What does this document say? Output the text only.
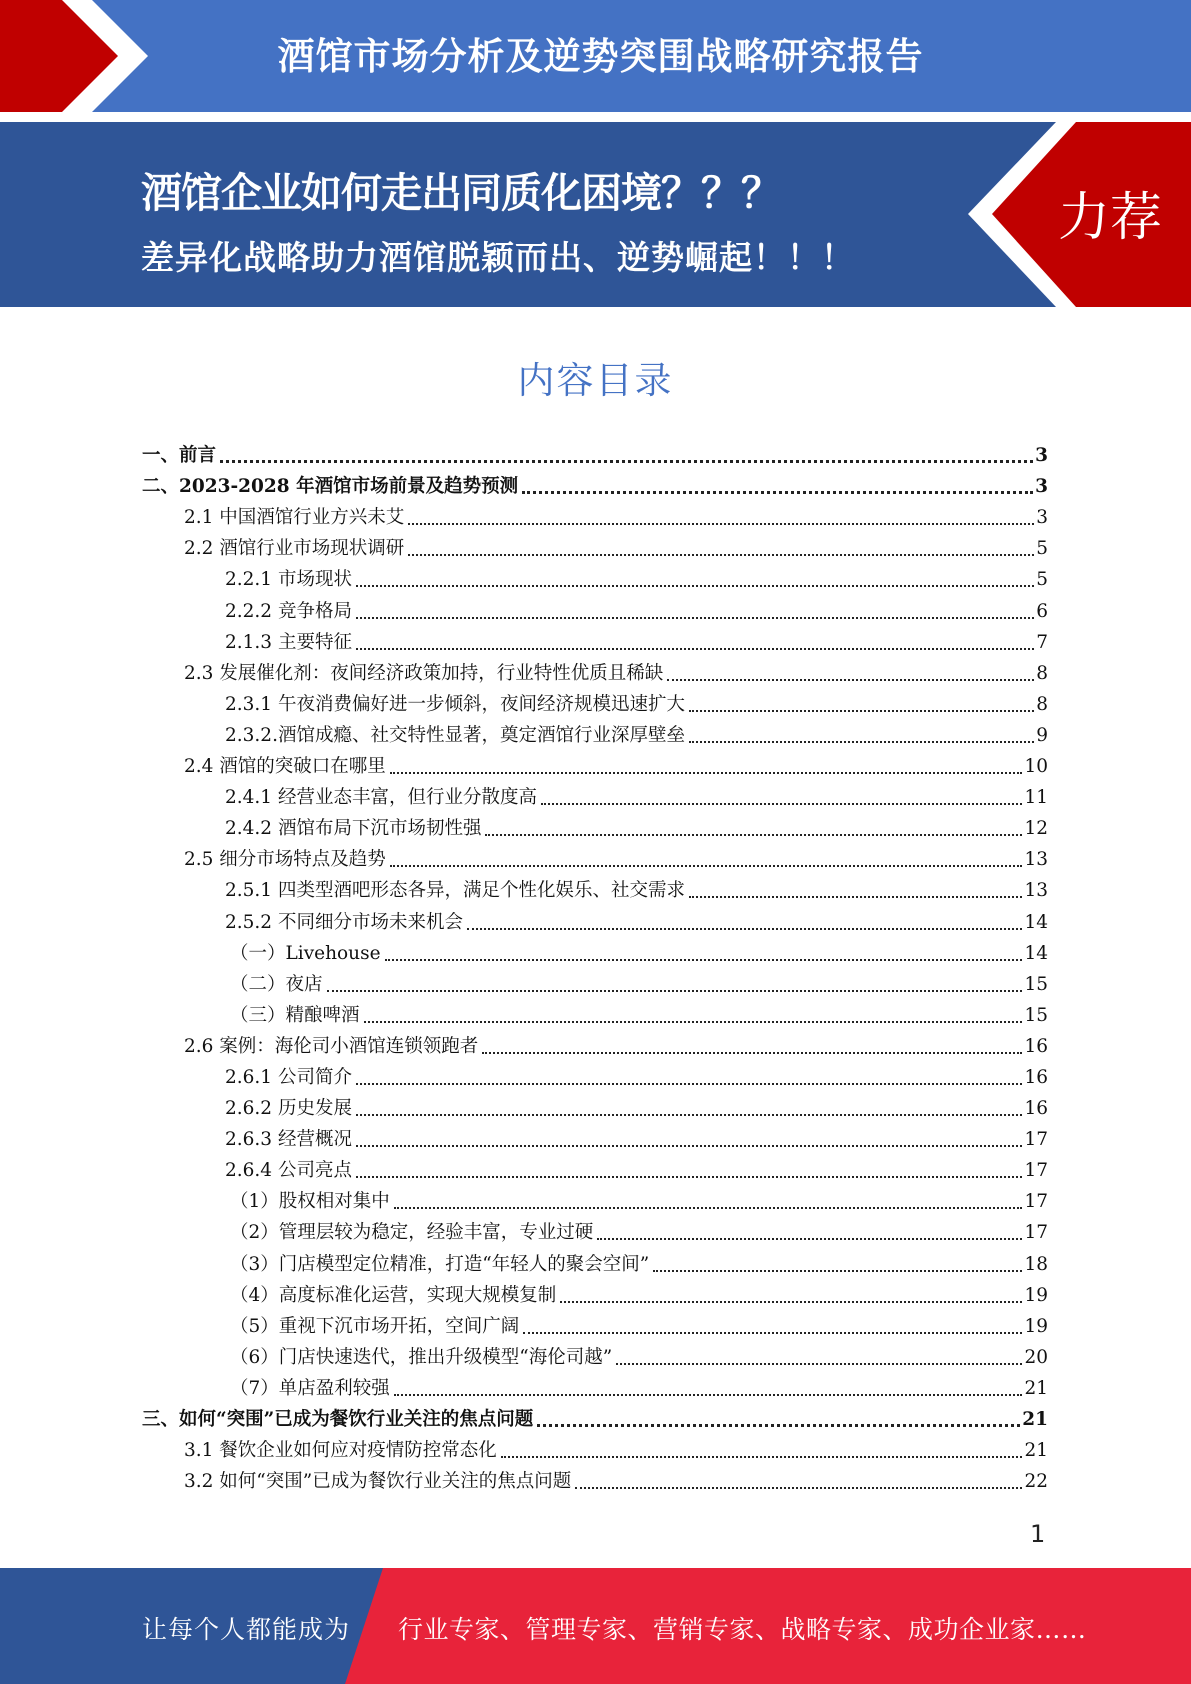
酒馆市场分析及逆势突围战略研究报告
酒馆企业如何走出同质化困境？？？
差异化战略助力酒馆脱颖而出、逆势崛起！！！
力荐
内容目录
一、前言	3
二、2023-2028 年酒馆市场前景及趋势预测	3
2.1 中国酒馆行业方兴未艾	3
2.2 酒馆行业市场现状调研	5
2.2.1 市场现状	5
2.2.2 竞争格局	6
2.1.3 主要特征	7
2.3 发展催化剂：夜间经济政策加持，行业特性优质且稀缺	8
2.3.1 午夜消费偏好进一步倾斜，夜间经济规模迅速扩大	8
2.3.2.酒馆成瘾、社交特性显著，奠定酒馆行业深厚壁垒	9
2.4 酒馆的突破口在哪里	10
2.4.1 经营业态丰富，但行业分散度高	11
2.4.2 酒馆布局下沉市场韧性强	12
2.5 细分市场特点及趋势	13
2.5.1 四类型酒吧形态各异，满足个性化娱乐、社交需求	13
2.5.2 不同细分市场未来机会	14
（一）Livehouse	14
（二）夜店	15
（三）精酿啤酒	15
2.6 案例：海伦司小酒馆连锁领跑者	16
2.6.1 公司简介	16
2.6.2 历史发展	16
2.6.3 经营概况	17
2.6.4 公司亮点	17
（1）股权相对集中	17
（2）管理层较为稳定，经验丰富，专业过硬	17
（3）门店模型定位精准，打造“年轻人的聚会空间”	18
（4）高度标准化运营，实现大规模复制	19
（5）重视下沉市场开拓，空间广阔	19
（6）门店快速迭代，推出升级模型“海伦司越”	20
（7）单店盈利较强	21
三、如何“突围”已成为餐饮行业关注的焦点问题	21
3.1 餐饮企业如何应对疫情防控常态化	21
3.2 如何“突围”已成为餐饮行业关注的焦点问题	22
1
让每个人都能成为 行业专家、管理专家、营销专家、战略专家、成功企业家……
